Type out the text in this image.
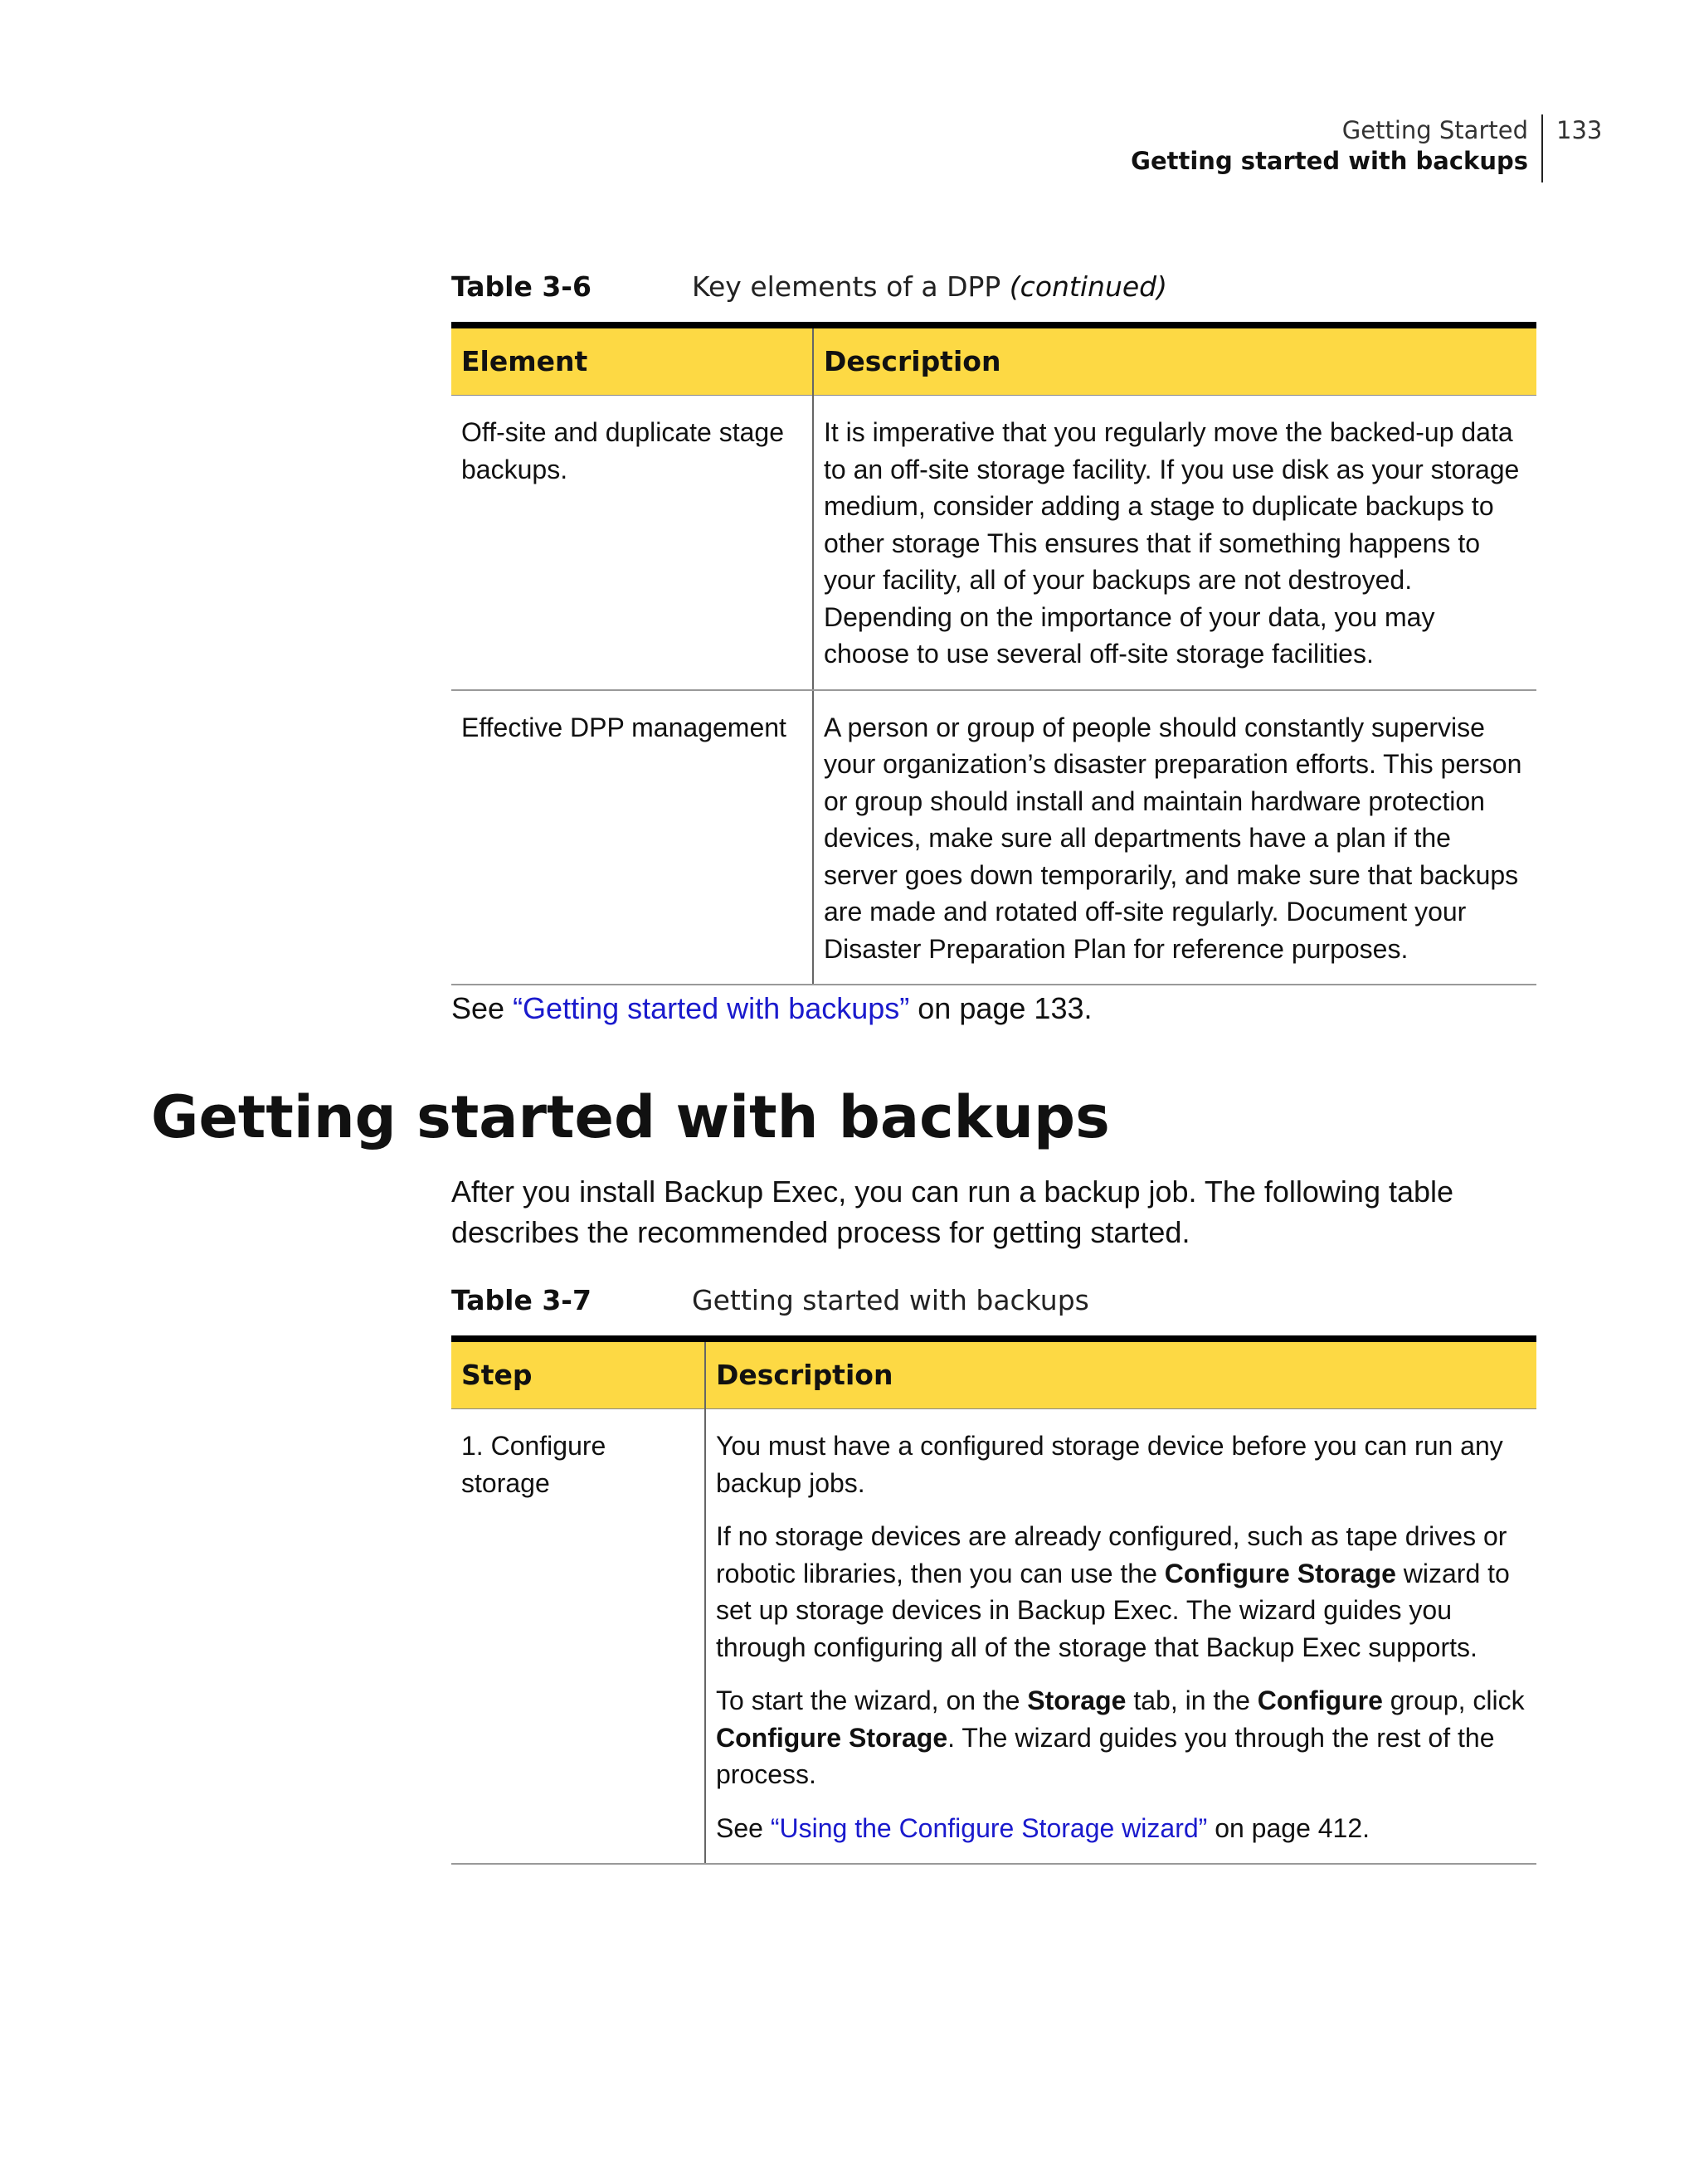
Getting Started
Getting started with backups
133
Table 3-6	Key elements of a DPP (continued)
Element	Description
Off-site and duplicate stage backups.	It is imperative that you regularly move the backed-up data to an off-site storage facility. If you use disk as your storage medium, consider adding a stage to duplicate backups to other storage This ensures that if something happens to your facility, all of your backups are not destroyed. Depending on the importance of your data, you may choose to use several off-site storage facilities.
Effective DPP management	A person or group of people should constantly supervise your organization’s disaster preparation efforts. This person or group should install and maintain hardware protection devices, make sure all departments have a plan if the server goes down temporarily, and make sure that backups are made and rotated off-site regularly. Document your Disaster Preparation Plan for reference purposes.
See “Getting started with backups” on page 133.
Getting started with backups

After you install Backup Exec, you can run a backup job. The following table describes the recommended process for getting started.

Table 3-7	Getting started with backups
Step	Description
1. Configure storage	You must have a configured storage device before you can run any backup jobs.

If no storage devices are already configured, such as tape drives or robotic libraries, then you can use the Configure Storage wizard to set up storage devices in Backup Exec. The wizard guides you through configuring all of the storage that Backup Exec supports.

To start the wizard, on the Storage tab, in the Configure group, click Configure Storage. The wizard guides you through the rest of the process.

See “Using the Configure Storage wizard” on page 412.
